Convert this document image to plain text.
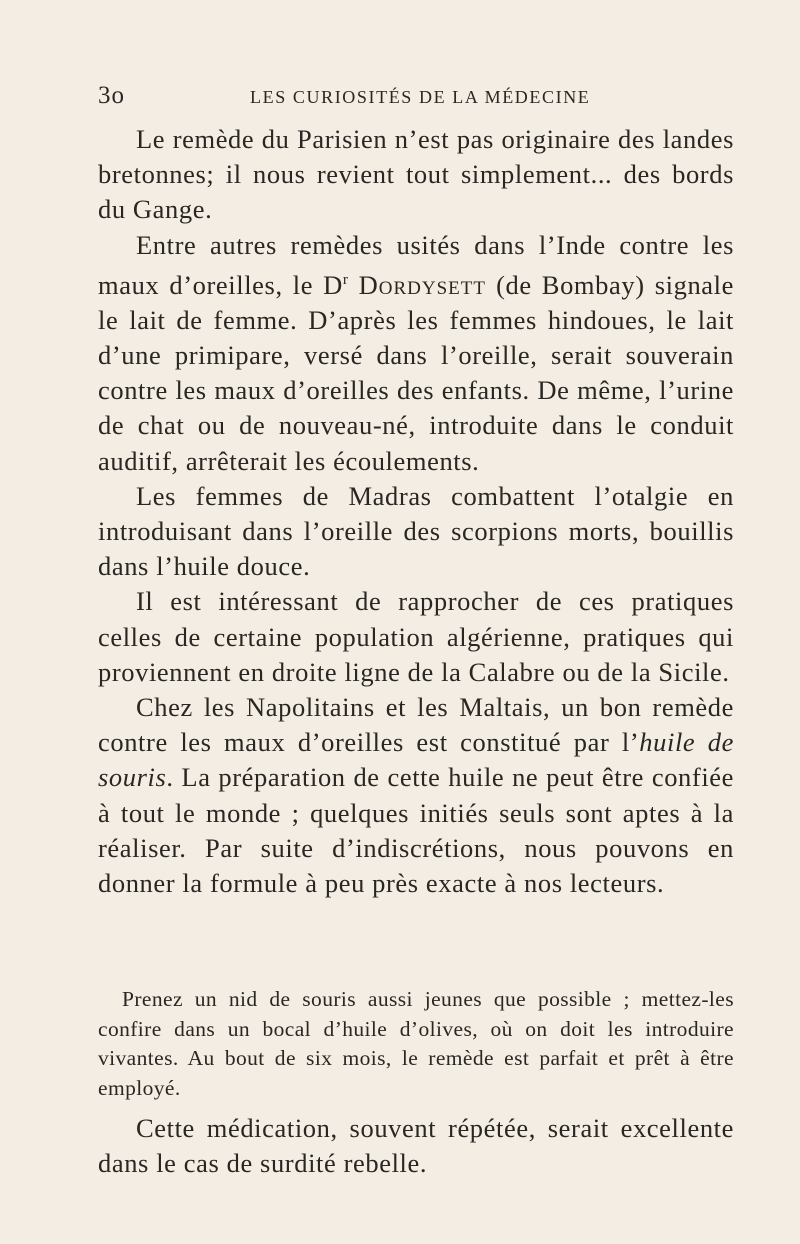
3o	LES CURIOSITÉS DE LA MÉDECINE

Le remède du Parisien n’est pas originaire des landes bretonnes; il nous revient tout simplement... des bords du Gange.

Entre autres remèdes usités dans l’Inde contre les maux d’oreilles, le $D^r$ Dordysett (de Bombay) signale le lait de femme. D’après les femmes hindoues, le lait d’une primipare, versé dans l’oreille, serait souverain contre les maux d’oreilles des enfants. De même, l’urine de chat ou de nouveau-né, introduite dans le conduit auditif, arrêterait les écoulements.

Les femmes de Madras combattent l’otalgie en introduisant dans l’oreille des scorpions morts, bouillis dans l’huile douce.

Il est intéressant de rapprocher de ces pratiques celles de certaine population algérienne, pratiques qui proviennent en droite ligne de la Calabre ou de la Sicile.

Chez les Napolitains et les Maltais, un bon remède contre les maux d’oreilles est constitué par l’huile de souris. La préparation de cette huile ne peut être confiée à tout le monde ; quelques initiés seuls sont aptes à la réaliser. Par suite d’indiscrétions, nous pouvons en donner la formule à peu près exacte à nos lecteurs.

Prenez un nid de souris aussi jeunes que possible ; mettez-les confire dans un bocal d’huile d’olives, où on doit les introduire vivantes. Au bout de six mois, le remède est parfait et prêt à être employé.

Cette médication, souvent répétée, serait excellente dans le cas de surdité rebelle.
